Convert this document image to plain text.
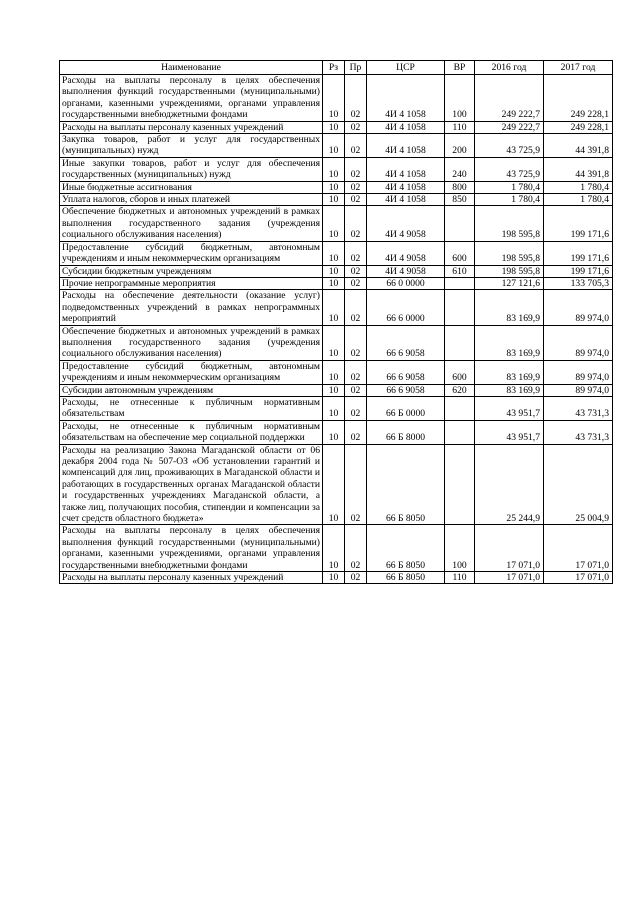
Наименование	Рз	Пр	ЦСР	ВР	2016 год	2017 год
Расходы на выплаты персоналу в целях обеспечения выполнения функций государственными (муниципальными) органами, казенными учреждениями, органами управления государственными внебюджетными фондами	10	02	4И 4 1058	100	249 222,7	249 228,1
Расходы на выплаты персоналу казенных учреждений	10	02	4И 4 1058	110	249 222,7	249 228,1
Закупка товаров, работ и услуг для государственных (муниципальных) нужд	10	02	4И 4 1058	200	43 725,9	44 391,8
Иные закупки товаров, работ и услуг для обеспечения государственных (муниципальных) нужд	10	02	4И 4 1058	240	43 725,9	44 391,8
Иные бюджетные ассигнования	10	02	4И 4 1058	800	1 780,4	1 780,4
Уплата налогов, сборов и иных платежей	10	02	4И 4 1058	850	1 780,4	1 780,4
Обеспечение бюджетных и автономных учреждений в рамках выполнения государственного задания (учреждения социального обслуживания населения)	10	02	4И 4 9058		198 595,8	199 171,6
Предоставление субсидий бюджетным, автономным учреждениям и иным некоммерческим организациям	10	02	4И 4 9058	600	198 595,8	199 171,6
Субсидии бюджетным учреждениям	10	02	4И 4 9058	610	198 595,8	199 171,6
Прочие непрограммные мероприятия	10	02	66 0 0000		127 121,6	133 705,3
Расходы на обеспечение деятельности (оказание услуг) подведомственных учреждений в рамках непрограммных мероприятий	10	02	66 6 0000		83 169,9	89 974,0
Обеспечение бюджетных и автономных учреждений в рамках выполнения государственного задания (учреждения социального обслуживания населения)	10	02	66 6 9058		83 169,9	89 974,0
Предоставление субсидий бюджетным, автономным учреждениям и иным некоммерческим организациям	10	02	66 6 9058	600	83 169,9	89 974,0
Субсидии автономным учреждениям	10	02	66 6 9058	620	83 169,9	89 974,0
Расходы, не отнесенные к публичным нормативным обязательствам	10	02	66 Б 0000		43 951,7	43 731,3
Расходы, не отнесенные к публичным нормативным обязательствам на обеспечение мер социальной поддержки	10	02	66 Б 8000		43 951,7	43 731,3
Расходы на реализацию Закона Магаданской области от 06 декабря 2004 года № 507-ОЗ «Об установлении гарантий и компенсаций для лиц, проживающих в Магаданской области и работающих в государственных органах Магаданской области и государственных учреждениях Магаданской области, а также лиц, получающих пособия, стипендии и компенсации за счет средств областного бюджета»	10	02	66 Б 8050		25 244,9	25 004,9
Расходы на выплаты персоналу в целях обеспечения выполнения функций государственными (муниципальными) органами, казенными учреждениями, органами управления государственными внебюджетными фондами	10	02	66 Б 8050	100	17 071,0	17 071,0
Расходы на выплаты персоналу казенных учреждений	10	02	66 Б 8050	110	17 071,0	17 071,0
